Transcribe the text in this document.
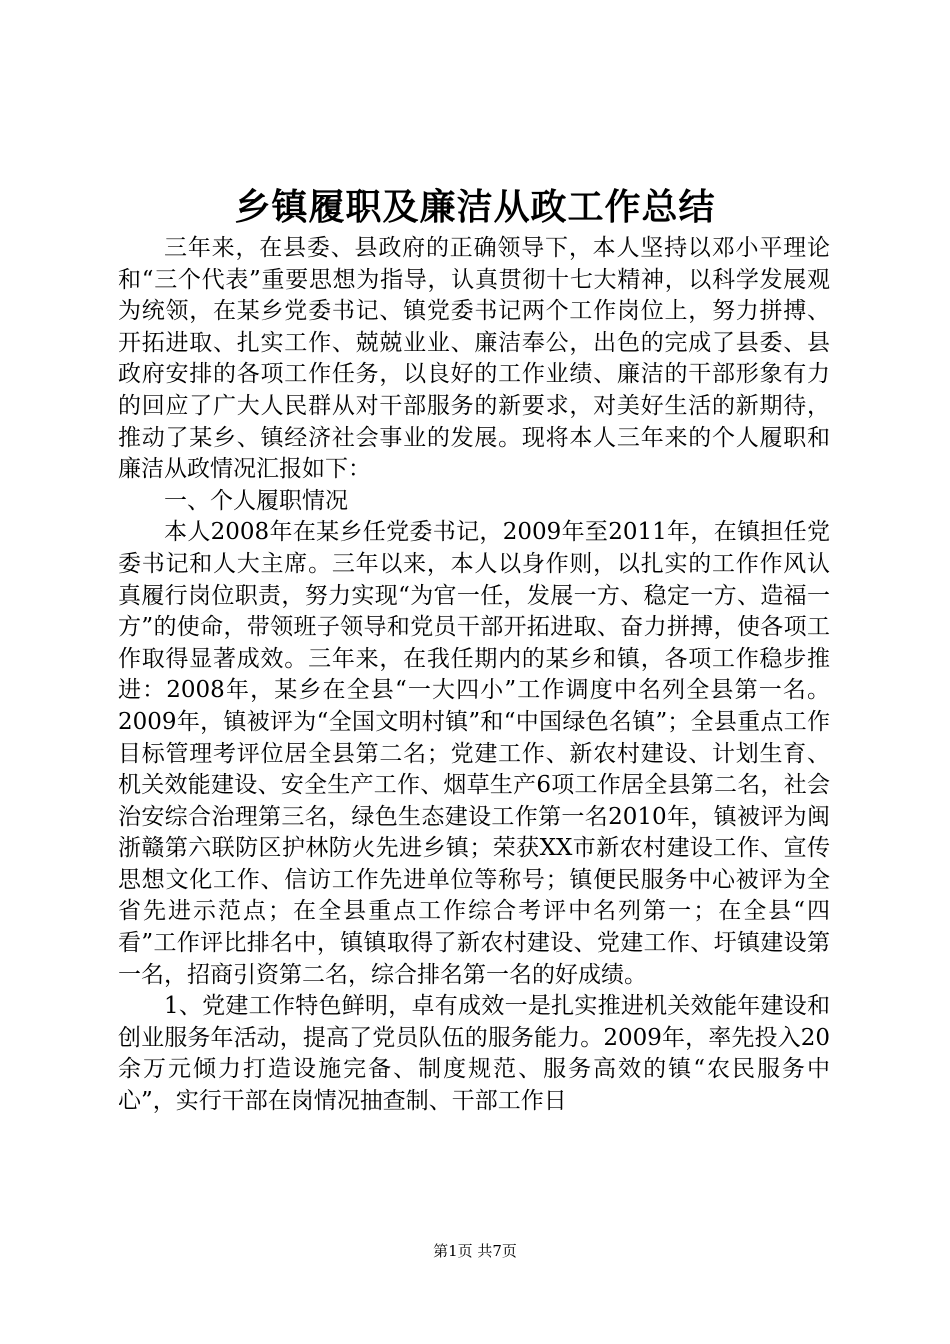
乡镇履职及廉洁从政工作总结

三年来，在县委、县政府的正确领导下，本人坚持以邓小平理论和“三个代表”重要思想为指导，认真贯彻十七大精神，以科学发展观为统领，在某乡党委书记、镇党委书记两个工作岗位上，努力拼搏、开拓进取、扎实工作、兢兢业业、廉洁奉公，出色的完成了县委、县政府安排的各项工作任务，以良好的工作业绩、廉洁的干部形象有力的回应了广大人民群从对干部服务的新要求，对美好生活的新期待，推动了某乡、镇经济社会事业的发展。现将本人三年来的个人履职和廉洁从政情况汇报如下：

一、个人履职情况

本人2008年在某乡任党委书记，2009年至2011年，在镇担任党委书记和人大主席。三年以来，本人以身作则，以扎实的工作作风认真履行岗位职责，努力实现“为官一任，发展一方、稳定一方、造福一方”的使命，带领班子领导和党员干部开拓进取、奋力拼搏，使各项工作取得显著成效。三年来，在我任期内的某乡和镇，各项工作稳步推进：2008年，某乡在全县“一大四小”工作调度中名列全县第一名。2009年，镇被评为“全国文明村镇”和“中国绿色名镇”；全县重点工作目标管理考评位居全县第二名；党建工作、新农村建设、计划生育、机关效能建设、安全生产工作、烟草生产6项工作居全县第二名，社会治安综合治理第三名，绿色生态建设工作第一名2010年，镇被评为闽浙赣第六联防区护林防火先进乡镇；荣获XX市新农村建设工作、宣传思想文化工作、信访工作先进单位等称号；镇便民服务中心被评为全省先进示范点；在全县重点工作综合考评中名列第一；在全县“四看”工作评比排名中，镇镇取得了新农村建设、党建工作、圩镇建设第一名，招商引资第二名，综合排名第一名的好成绩。

1、党建工作特色鲜明，卓有成效一是扎实推进机关效能年建设和创业服务年活动，提高了党员队伍的服务能力。2009年，率先投入20余万元倾力打造设施完备、制度规范、服务高效的镇“农民服务中心”，实行干部在岗情况抽查制、干部工作日

第1页 共7页
